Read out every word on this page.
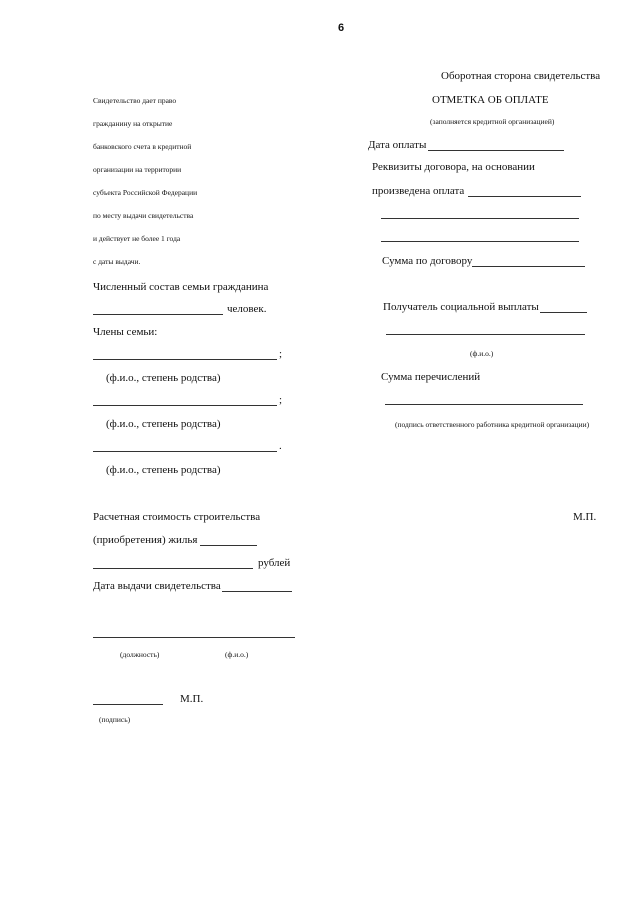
6
Оборотная сторона свидетельства
Свидетельство дает право
гражданину на открытие
банковского счета в кредитной
организации на территории
субъекта Российской Федерации
по месту выдачи свидетельства
и действует не более 1 года
с даты выдачи.
Численный состав семьи гражданина
человек.
Члены семьи:
;
(ф.и.о., степень родства)
;
(ф.и.о., степень родства)
.
(ф.и.о., степень родства)
Расчетная стоимость строительства
(приобретения) жилья
рублей
Дата выдачи свидетельства
(должность)	(ф.и.о.)
М.П.
(подпись)
ОТМЕТКА ОБ ОПЛАТЕ
(заполняется кредитной организацией)
Дата оплаты
Реквизиты договора, на основании
произведена оплата
Сумма по договору
Получатель социальной выплаты
(ф.и.о.)
Сумма перечислений
(подпись ответственного работника кредитной организации)
М.П.
